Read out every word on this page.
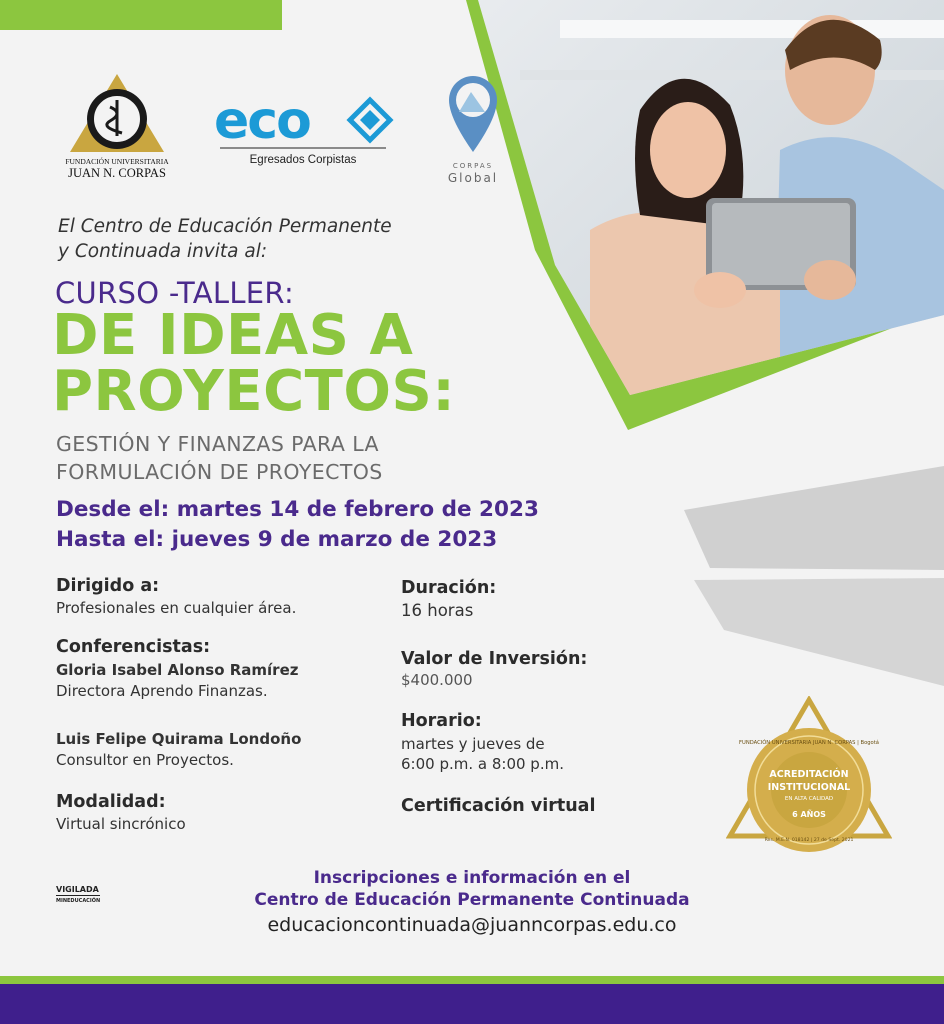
FUNDACIÓN UNIVERSITARIA
JUAN N. CORPAS
eco
Egresados Corpistas	CORPAS
Global
El Centro de Educación Permanente
y Continuada invita al:
CURSO -TALLER:
DE IDEAS A
PROYECTOS:
GESTIÓN Y FINANZAS PARA LA
FORMULACIÓN DE PROYECTOS
Desde el: martes 14 de febrero de 2023
Hasta el: jueves 9 de marzo de 2023
Dirigido a:
Profesionales en cualquier área.
Conferencistas:
Gloria Isabel Alonso Ramírez
Directora Aprendo Finanzas.
Luis Felipe Quirama Londoño
Consultor en Proyectos.
Modalidad:
Virtual sincrónico
Duración:
16 horas
Valor de Inversión:
$400.000
Horario:
martes y jueves de
6:00 p.m. a 8:00 p.m.
Certificación virtual
ACREDITACIÓN
INSTITUCIONAL
EN ALTA CALIDAD
6 AÑOS
FUNDACIÓN UNIVERSITARIA JUAN N. CORPAS | Bogotá
Res. M.E.N. 018142 | 27 de Sept. 2021
VIGILADA
MINEDUCACIÓN
Inscripciones e información en el
Centro de Educación Permanente Continuada
educacioncontinuada@juanncorpas.edu.co
